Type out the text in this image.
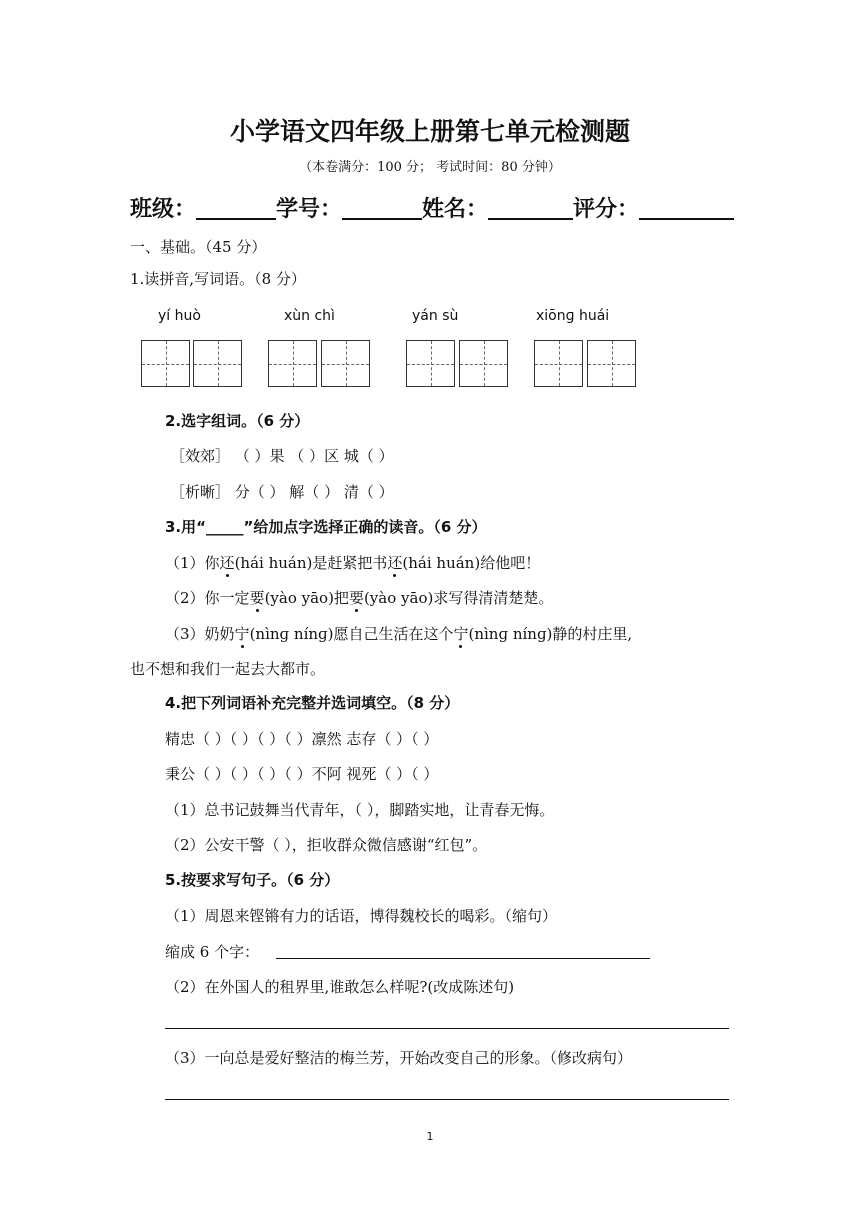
小学语文四年级上册第七单元检测题
（本卷满分：100 分； 考试时间：80 分钟）
班级：	学号：	姓名：	评分：
一、基础。（45 分）
1.读拼音,写词语。（8 分）
yí huò	xùn chì	yán sù	xiōnɡ huái
2.选字组词。（6 分）
［效郊］ （ ）果 （ ）区 城（ ）
［析晰］ 分（ ） 解（ ） 清（ ）
3.用“_____”给加点字选择正确的读音。（6 分）
（1）你还(hái huán)是赶紧把书还(hái huán)给他吧！
（2）你一定要(yào yāo)把要(yào yāo)求写得清清楚楚。
（3）奶奶宁(nìnɡ nínɡ)愿自己生活在这个宁(nìnɡ nínɡ)静的村庄里,
也不想和我们一起去大都市。
4.把下列词语补充完整并选词填空。（8 分）
精忠（ ）（ ）（ ）（ ）凛然 志存（ ）（ ）
秉公（ ）（ ）（ ）（ ）不阿 视死（ ）（ ）
（1）总书记鼓舞当代青年，（ ），脚踏实地，让青春无悔。
（2）公安干警（ ），拒收群众微信感谢“红包”。
5.按要求写句子。（6 分）
（1）周恩来铿锵有力的话语，博得魏校长的喝彩。（缩句）
缩成 6 个字：
（2）在外国人的租界里,谁敢怎么样呢?(改成陈述句)
（3）一向总是爱好整洁的梅兰芳，开始改变自己的形象。（修改病句）
1
